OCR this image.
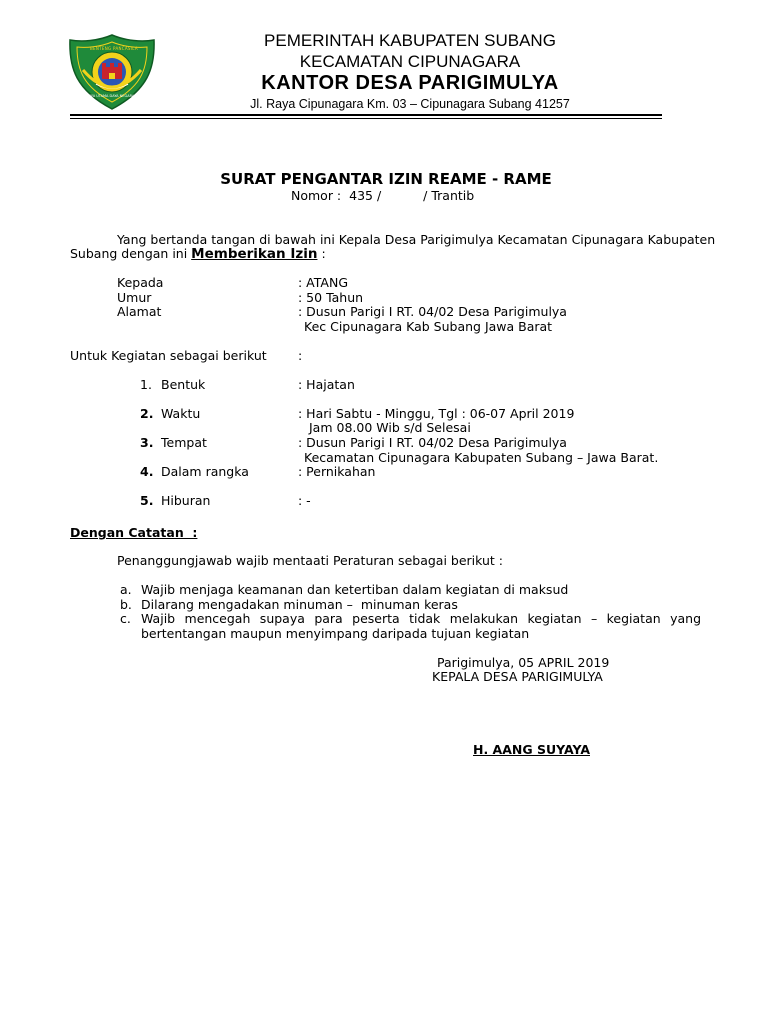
BENTENG PANCASILA
KARYA UTAMA DAYA NEGARA
PEMERINTAH KABUPATEN SUBANG
KECAMATAN CIPUNAGARA
KANTOR DESA PARIGIMULYA
Jl. Raya Cipunagara Km. 03 – Cipunagara Subang 41257
SURAT PENGANTAR IZIN REAME - RAME
Nomor : 435 /	/ Trantib
Yang bertanda tangan di bawah ini Kepala Desa Parigimulya Kecamatan Cipunagara Kabupaten
Subang dengan ini Memberikan Izin :
Kepada	: ATANG
Umur	: 50 Tahun
Alamat	: Dusun Parigi I RT. 04/02 Desa Parigimulya
Kec Cipunagara Kab Subang Jawa Barat
Untuk Kegiatan sebagai berikut	:
1. Bentuk	: Hajatan
2. Waktu	: Hari Sabtu - Minggu, Tgl : 06-07 April 2019
Jam 08.00 Wib s/d Selesai
3. Tempat	: Dusun Parigi I RT. 04/02 Desa Parigimulya
Kecamatan Cipunagara Kabupaten Subang – Jawa Barat.
4. Dalam rangka	: Pernikahan
5. Hiburan	: -
Dengan Catatan  :
Penanggungjawab wajib mentaati Peraturan sebagai berikut :
a. Wajib menjaga keamanan dan ketertiban dalam kegiatan di maksud
b. Dilarang mengadakan minuman –  minuman keras
c. Wajib mencegah supaya para peserta tidak melakukan kegiatan – kegiatan yang
bertentangan maupun menyimpang daripada tujuan kegiatan
Parigimulya, 05 APRIL 2019
KEPALA DESA PARIGIMULYA
H. AANG SUYAYA
